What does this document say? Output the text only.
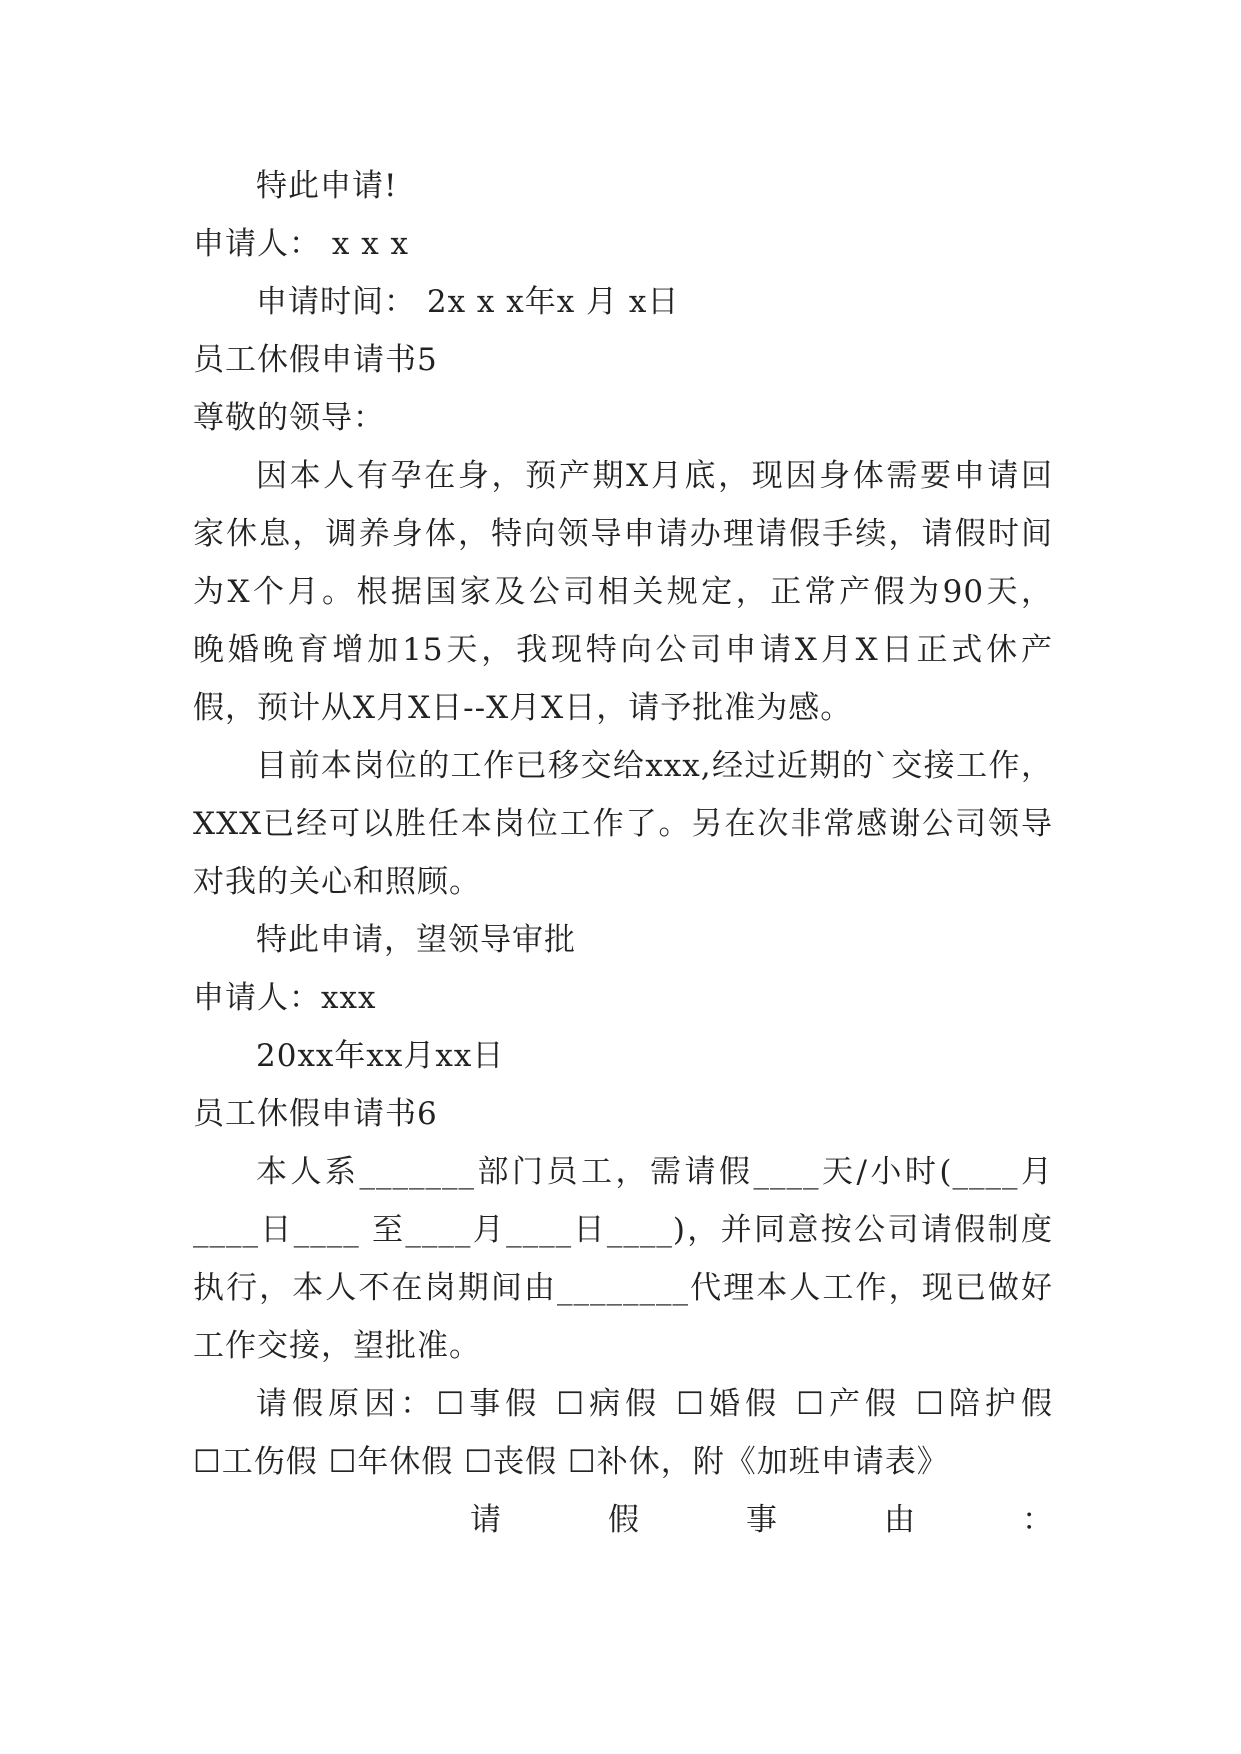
特此申请!
申请人： x x x
申请时间： 2x x x年x 月 x日
员工休假申请书5
尊敬的领导：
因本人有孕在身，预产期X月底，现因身体需要申请回
家休息，调养身体，特向领导申请办理请假手续，请假时间
为X个月。根据国家及公司相关规定，正常产假为90天，
晚婚晚育增加15天，我现特向公司申请X月X日正式休产
假，预计从X月X日--X月X日，请予批准为感。
目前本岗位的工作已移交给xxx,经过近期的`交接工作，
XXX已经可以胜任本岗位工作了。另在次非常感谢公司领导
对我的关心和照顾。
特此申请，望领导审批
申请人：xxx
20xx年xx月xx日
员工休假申请书6
本人系_______部门员工，需请假____天/小时(____月
____日____ 至____月____日____)，并同意按公司请假制度
执行，本人不在岗期间由________代理本人工作，现已做好
工作交接，望批准。
请假原因：☐事假 ☐病假 ☐婚假 ☐产假 ☐陪护假
☐工伤假 ☐年休假 ☐丧假 ☐补休，附《加班申请表》
请	假	事	由	：
